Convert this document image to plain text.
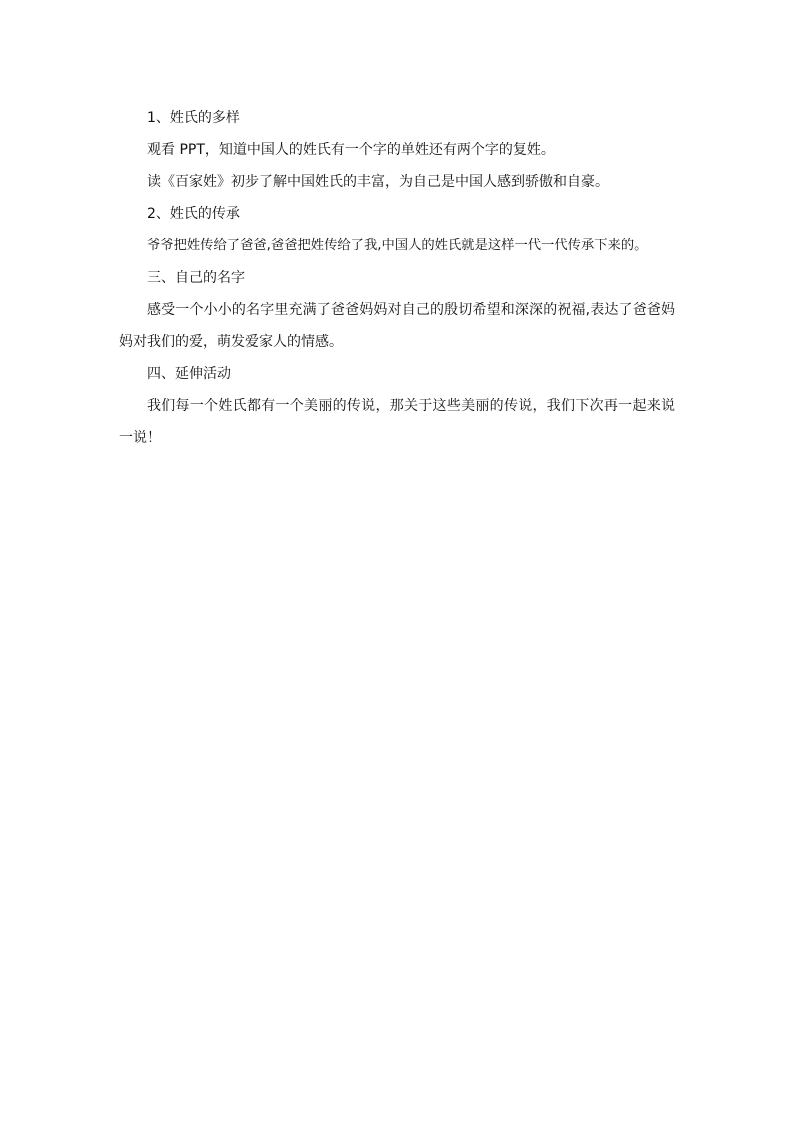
1、姓氏的多样
观看 PPT，知道中国人的姓氏有一个字的单姓还有两个字的复姓。
读《百家姓》初步了解中国姓氏的丰富，为自己是中国人感到骄傲和自豪。
2、姓氏的传承
爷爷把姓传给了爸爸,爸爸把姓传给了我,中国人的姓氏就是这样一代一代传承下来的。
三、自己的名字
感受一个小小的名字里充满了爸爸妈妈对自己的殷切希望和深深的祝福,表达了爸爸妈妈对我们的爱，萌发爱家人的情感。
四、延伸活动
我们每一个姓氏都有一个美丽的传说，那关于这些美丽的传说，我们下次再一起来说一说！
